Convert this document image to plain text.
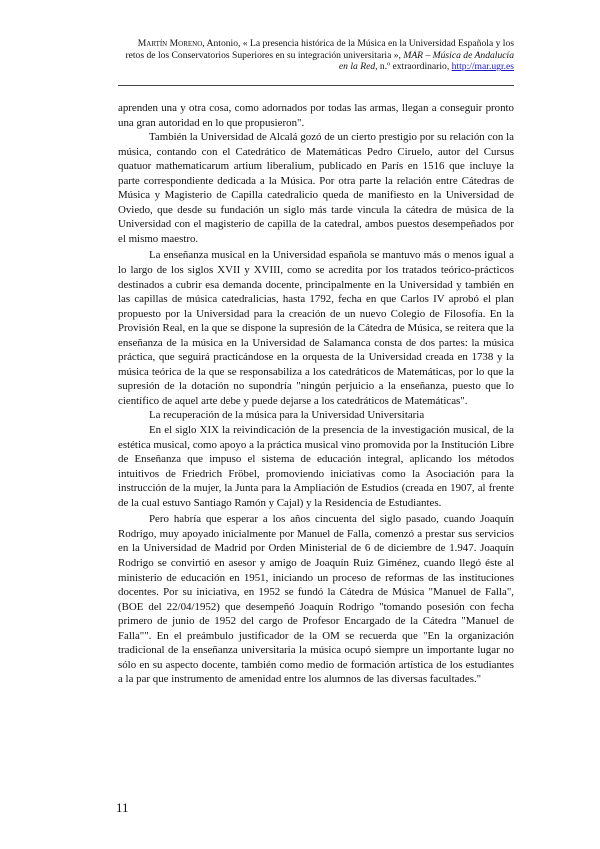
Martín Moreno, Antonio, « La presencia histórica de la Música en la Universidad Española y los retos de los Conservatorios Superiores en su integración universitaria », MAR – Música de Andalucía en la Red, n.º extraordinario, http://mar.ugr.es

aprenden una y otra cosa, como adornados por todas las armas, llegan a conseguir pronto una gran autoridad en lo que propusieron".

También la Universidad de Alcalá gozó de un cierto prestigio por su relación con la música, contando con el Catedrático de Matemáticas Pedro Ciruelo, autor del Cursus quatuor mathematicarum artium liberalium, publicado en París en 1516 que incluye la parte correspondiente dedicada a la Música. Por otra parte la relación entre Cátedras de Música y Magisterio de Capilla catedralicio queda de manifiesto en la Universidad de Oviedo, que desde su fundación un siglo más tarde vincula la cátedra de música de la Universidad con el magisterio de capilla de la catedral, ambos puestos desempeñados por el mismo maestro.

La enseñanza musical en la Universidad española se mantuvo más o menos igual a lo largo de los siglos XVII y XVIII, como se acredita por los tratados teórico-prácticos destinados a cubrir esa demanda docente, principalmente en la Universidad y también en las capillas de música catedralicias, hasta 1792, fecha en que Carlos IV aprobó el plan propuesto por la Universidad para la creación de un nuevo Colegio de Filosofía. En la Provisión Real, en la que se dispone la supresión de la Cátedra de Música, se reitera que la enseñanza de la música en la Universidad de Salamanca consta de dos partes: la música práctica, que seguirá practicándose en la orquesta de la Universidad creada en 1738 y la música teórica de la que se responsabiliza a los catedráticos de Matemáticas, por lo que la supresión de la dotación no supondría "ningún perjuicio a la enseñanza, puesto que lo científico de aquel arte debe y puede dejarse a los catedráticos de Matemáticas".

La recuperación de la música para la Universidad Universitaria

En el siglo XIX la reivindicación de la presencia de la investigación musical, de la estética musical, como apoyo a la práctica musical vino promovida por la Institución Libre de Enseñanza que impuso el sistema de educación integral, aplicando los métodos intuitivos de Friedrich Fröbel, promoviendo iniciativas como la Asociación para la instrucción de la mujer, la Junta para la Ampliación de Estudios (creada en 1907, al frente de la cual estuvo Santiago Ramón y Cajal) y la Residencia de Estudiantes.

Pero habría que esperar a los años cincuenta del siglo pasado, cuando Joaquín Rodrigo, muy apoyado inicialmente por Manuel de Falla, comenzó a prestar sus servicios en la Universidad de Madrid por Orden Ministerial de 6 de diciembre de 1.947. Joaquín Rodrigo se convirtió en asesor y amigo de Joaquín Ruiz Giménez, cuando llegó éste al ministerio de educación en 1951, iniciando un proceso de reformas de las instituciones docentes. Por su iniciativa, en 1952 se fundó la Cátedra de Música "Manuel de Falla", (BOE del 22/04/1952) que desempeñó Joaquín Rodrigo "tomando posesión con fecha primero de junio de 1952 del cargo de Profesor Encargado de la Cátedra "Manuel de Falla"". En el preámbulo justificador de la OM se recuerda que "En la organización tradicional de la enseñanza universitaria la música ocupó siempre un importante lugar no sólo en su aspecto docente, también como medio de formación artística de los estudiantes a la par que instrumento de amenidad entre los alumnos de las diversas facultades."

11
